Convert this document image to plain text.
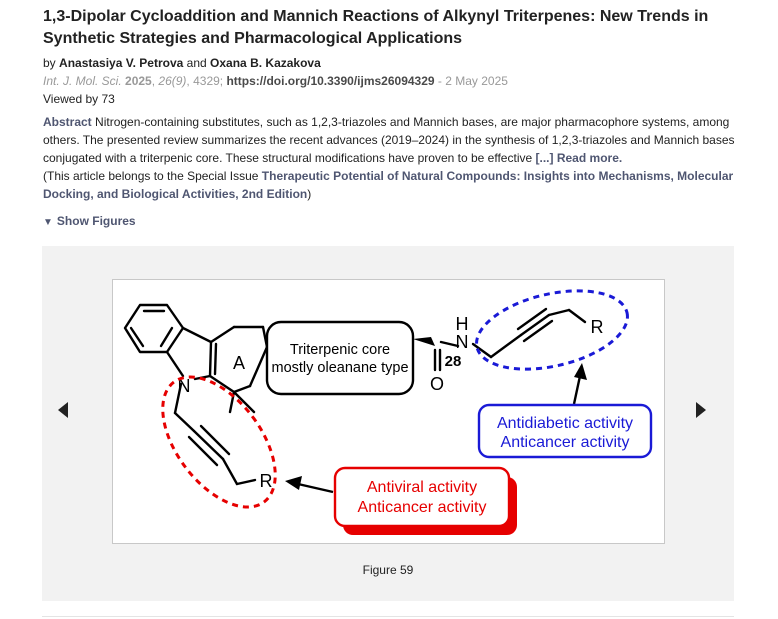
1,3-Dipolar Cycloaddition and Mannich Reactions of Alkynyl Triterpenes: New Trends in Synthetic Strategies and Pharmacological Applications
by Anastasiya V. Petrova and Oxana B. Kazakova
Int. J. Mol. Sci. 2025, 26(9), 4329; https://doi.org/10.3390/ijms26094329 - 2 May 2025
Viewed by 73
Abstract Nitrogen-containing substitutes, such as 1,2,3-triazoles and Mannich bases, are major pharmacophore systems, among others. The presented review summarizes the recent advances (2019–2024) in the synthesis of 1,2,3-triazoles and Mannich bases conjugated with a triterpenic core. These structural modifications have proven to be effective [...] Read more.
(This article belongs to the Special Issue Therapeutic Potential of Natural Compounds: Insights into Mechanisms, Molecular Docking, and Biological Activities, 2nd Edition)
▼ Show Figures
Triterpenic core
mostly oleanane type
A
N
H
N
28
O
R
R
Antidiabetic activity
Anticancer activity
Antiviral activity
Anticancer activity
Figure 59
